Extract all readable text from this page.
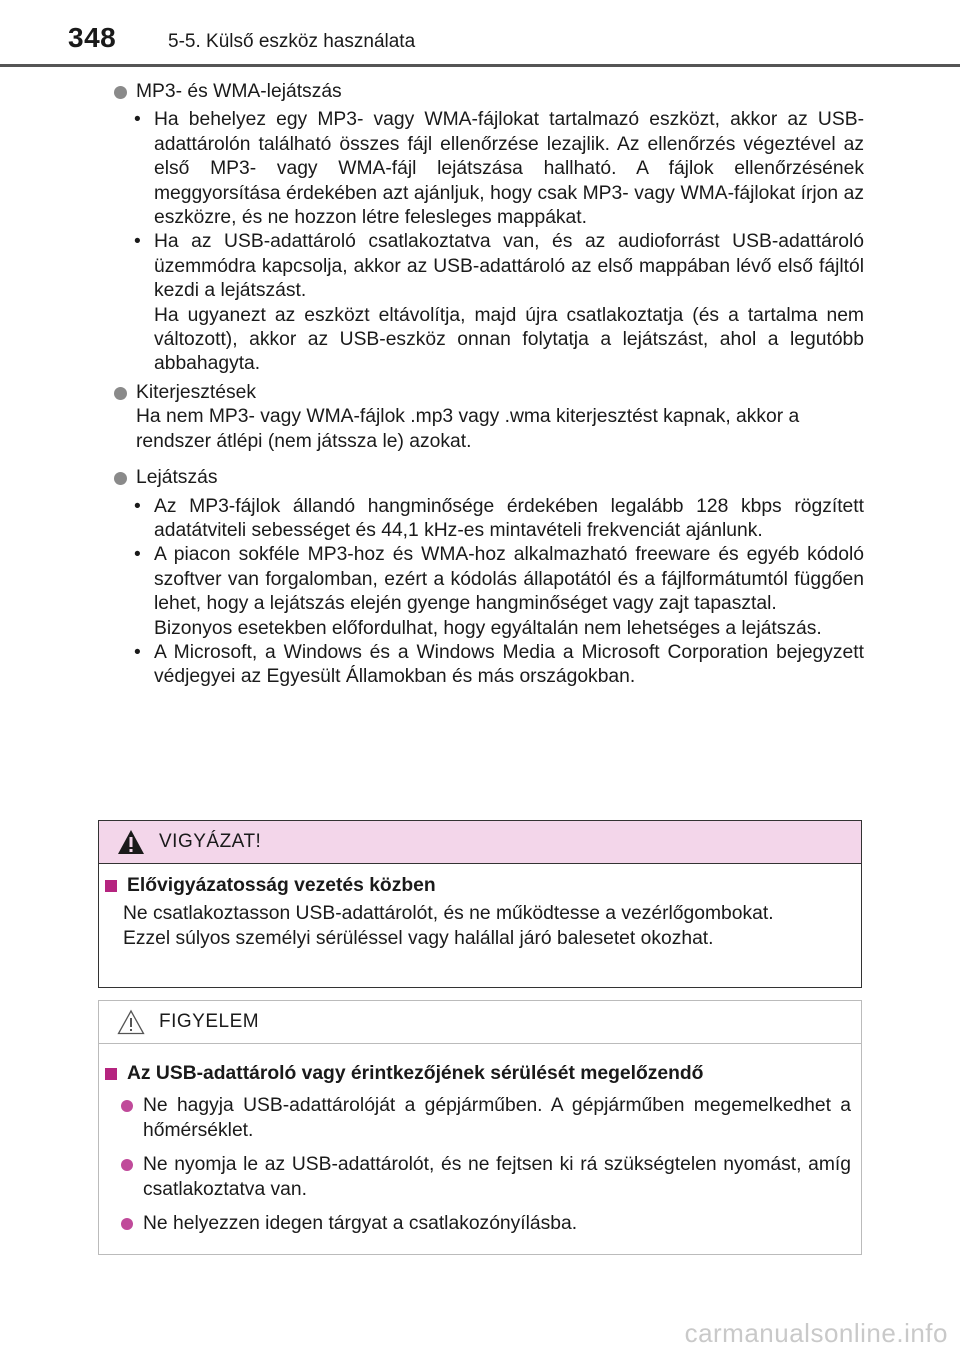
348	5-5. Külső eszköz használata
MP3- és WMA-lejátszás
• Ha behelyez egy MP3- vagy WMA-fájlokat tartalmazó eszközt, akkor az USB-adattárolón található összes fájl ellenőrzése lezajlik. Az ellenőrzés végeztével az első MP3- vagy WMA-fájl lejátszása hallható. A fájlok ellenőrzésének meggyorsítása érdekében azt ajánljuk, hogy csak MP3- vagy WMA-fájlokat írjon az eszközre, és ne hozzon létre felesleges mappákat.

• Ha az USB-adattároló csatlakoztatva van, és az audioforrást USB-adattároló üzemmódra kapcsolja, akkor az USB-adattároló az első mappában lévő első fájltól kezdi a lejátszást.

Ha ugyanezt az eszközt eltávolítja, majd újra csatlakoztatja (és a tartalma nem változott), akkor az USB-eszköz onnan folytatja a lejátszást, ahol a legutóbb abbahagyta.

Kiterjesztések

Ha nem MP3- vagy WMA-fájlok .mp3 vagy .wma kiterjesztést kapnak, akkor a rendszer átlépi (nem játssza le) azokat.

Lejátszás
• Az MP3-fájlok állandó hangminősége érdekében legalább 128 kbps rögzített adatátviteli sebességet és 44,1 kHz-es mintavételi frekvenciát ajánlunk.

• A piacon sokféle MP3-hoz és WMA-hoz alkalmazható freeware és egyéb kódoló szoftver van forgalomban, ezért a kódolás állapotától és a fájlformátumtól függően lehet, hogy a lejátszás elején gyenge hangminőséget vagy zajt tapasztal.

Bizonyos esetekben előfordulhat, hogy egyáltalán nem lehetséges a lejátszás.

• A Microsoft, a Windows és a Windows Media a Microsoft Corporation bejegyzett védjegyei az Egyesült Államokban és más országokban.

VIGYÁZAT!
Elővigyázatosság vezetés közben

Ne csatlakoztasson USB-adattárolót, és ne működtesse a vezérlőgombokat.

Ezzel súlyos személyi sérüléssel vagy halállal járó balesetet okozhat.

FIGYELEM
Az USB-adattároló vagy érintkezőjének sérülését megelőzendő
Ne hagyja USB-adattárolóját a gépjárműben. A gépjárműben megemelkedhet a hőmérséklet.
Ne nyomja le az USB-adattárolót, és ne fejtsen ki rá szükségtelen nyomást, amíg csatlakoztatva van.
Ne helyezzen idegen tárgyat a csatlakozónyílásba.
carmanualsonline.info
